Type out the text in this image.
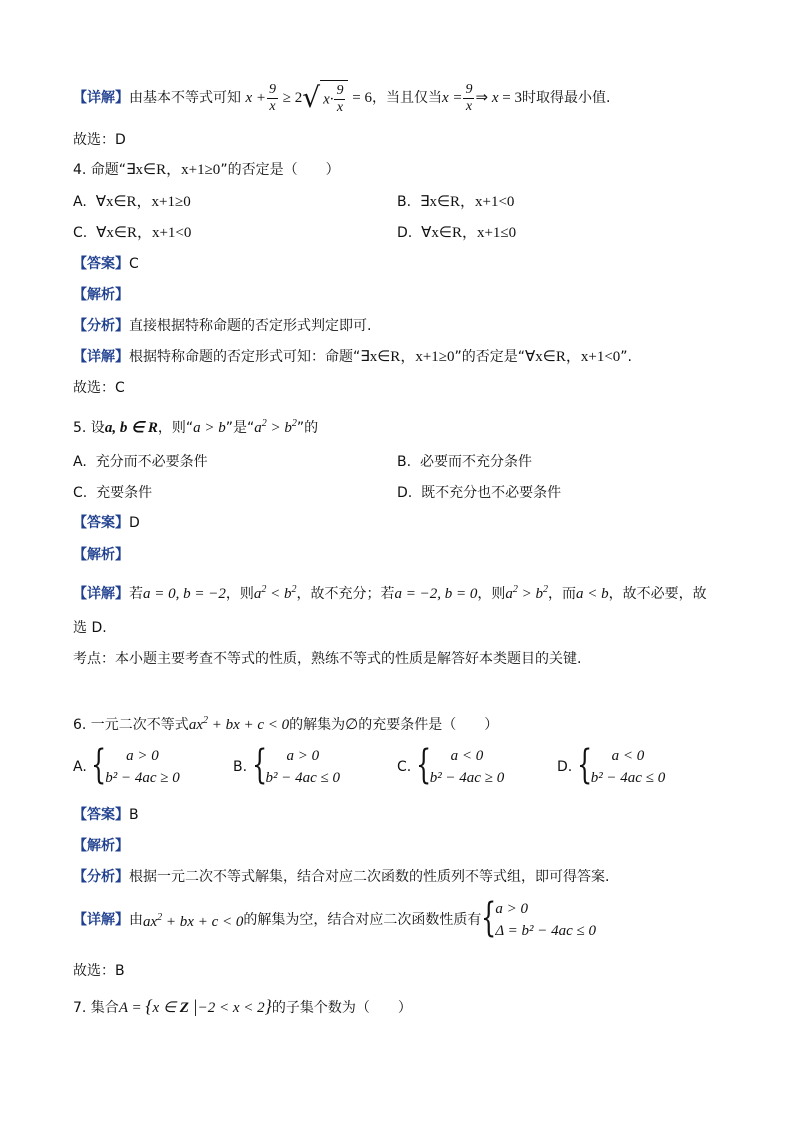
【详解】由基本不等式可知 $x + \frac{9}{x} \ge 2√$ $x\cdot \frac{9}{x} = 6$，当且仅当$x = \frac{9}{x}$ ⇒ x = 3时取得最小值.
故选：D
4. 命题“∃x∈R，x+1≥0”的否定是（　　）
A. ∀x∈R，x+1≥0	B. ∃x∈R，x+1<0
C. ∀x∈R，x+1<0	D. ∀x∈R，x+1≤0
【答案】C
【解析】
【分析】直接根据特称命题的否定形式判定即可.
【详解】根据特称命题的否定形式可知：命题“∃x∈R，x+1≥0”的否定是“∀x∈R，x+1<0”.
故选：C
5. 设a, b ∈ R，则“a > b”是“$a^2 > b^2$”的
A. 充分而不必要条件	B. 必要而不充分条件
C. 充要条件	D. 既不充分也不必要条件
【答案】D
【解析】
【详解】若a = 0, b = −2，则$a^2 < b^2$，故不充分；若a = −2, b = 0，则$a^2 > b^2$，而a < b，故不必要，故
选 D.
考点：本小题主要考查不等式的性质，熟练不等式的性质是解答好本类题目的关键.
6. 一元二次不等式$ax^2$ + bx + c < 0的解集为∅的充要条件是（　　）
A. {	a > 0
b² − 4ac ≥ 0
B. {	a > 0
b² − 4ac ≤ 0
C. {	a < 0
b² − 4ac ≥ 0
D. {	a < 0
b² − 4ac ≤ 0
【答案】B
【解析】
【分析】根据一元二次不等式解集，结合对应二次函数的性质列不等式组，即可得答案.
【详解】由$ax^2$ + bx + c < 0的解集为空，结合对应二次函数性质有 {
a > 0
Δ = b² − 4ac ≤ 0
故选：B
7. 集合A = {x ∈ Z |−2 < x < 2}的子集个数为（　　）
